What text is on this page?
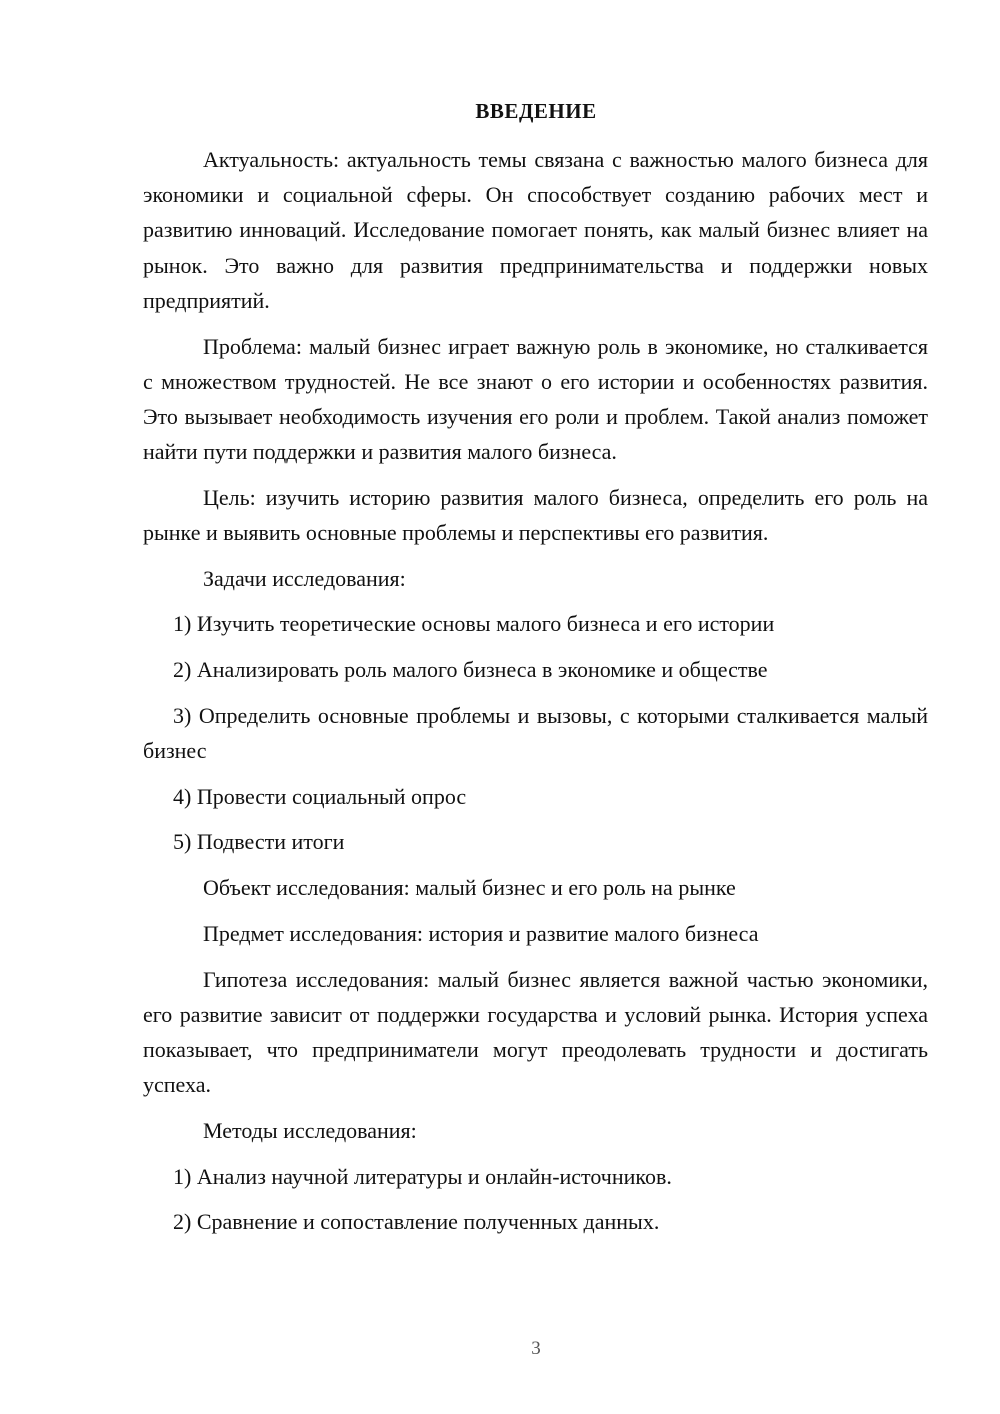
ВВЕДЕНИЕ

Актуальность: актуальность темы связана с важностью малого бизнеса для экономики и социальной сферы. Он способствует созданию рабочих мест и развитию инноваций. Исследование помогает понять, как малый бизнес влияет на рынок. Это важно для развития предпринимательства и поддержки новых предприятий.

Проблема: малый бизнес играет важную роль в экономике, но сталкивается с множеством трудностей. Не все знают о его истории и особенностях развития. Это вызывает необходимость изучения его роли и проблем. Такой анализ поможет найти пути поддержки и развития малого бизнеса.

Цель: изучить историю развития малого бизнеса, определить его роль на рынке и выявить основные проблемы и перспективы его развития.

Задачи исследования:

1) Изучить теоретические основы малого бизнеса и его истории

2) Анализировать роль малого бизнеса в экономике и обществе

3) Определить основные проблемы и вызовы, с которыми сталкивается малый бизнес

4) Провести социальный опрос

5) Подвести итоги

Объект исследования: малый бизнес и его роль на рынке

Предмет исследования: история и развитие малого бизнеса

Гипотеза исследования: малый бизнес является важной частью экономики, его развитие зависит от поддержки государства и условий рынка. История успеха показывает, что предприниматели могут преодолевать трудности и достигать успеха.

Методы исследования:

1) Анализ научной литературы и онлайн-источников.

2) Сравнение и сопоставление полученных данных.

3
